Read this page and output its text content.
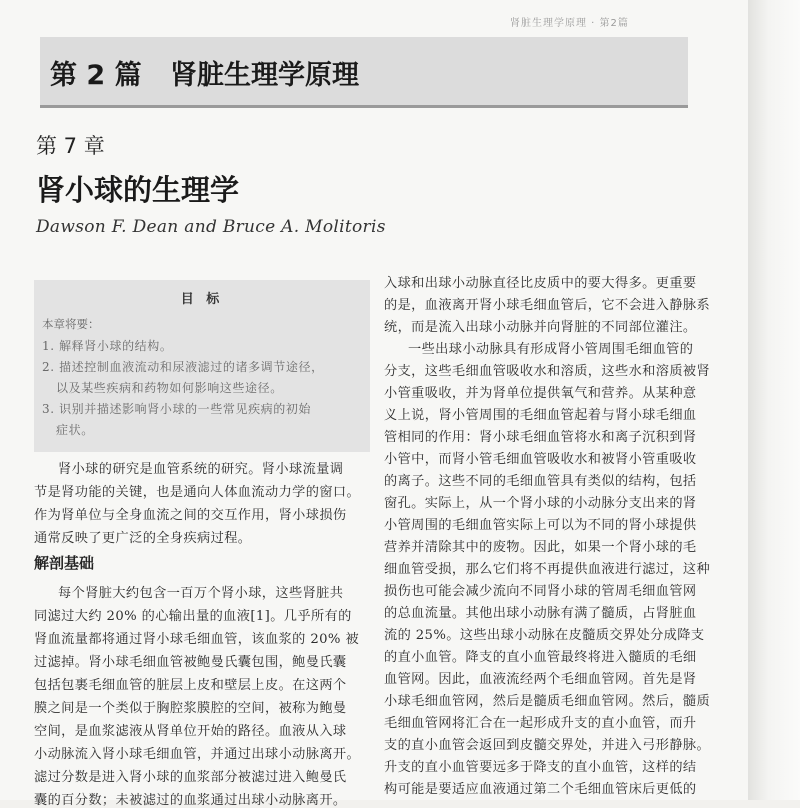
肾脏生理学原理 · 第2篇
第 2 篇 肾脏生理学原理
第 7 章
肾小球的生理学
Dawson F. Dean and Bruce A. Molitoris
目 标
本章将要：
1. 解释肾小球的结构。
2. 描述控制血液流动和尿液滤过的诸多调节途径，
以及某些疾病和药物如何影响这些途径。
3. 识别并描述影响肾小球的一些常见疾病的初始
症状。
肾小球的研究是血管系统的研究。肾小球流量调
节是肾功能的关键，也是通向人体血流动力学的窗口。
作为肾单位与全身血流之间的交互作用，肾小球损伤
通常反映了更广泛的全身疾病过程。
解剖基础
每个肾脏大约包含一百万个肾小球，这些肾脏共
同滤过大约 20% 的心输出量的血液[1]。几乎所有的
肾血流量都将通过肾小球毛细血管，该血浆的 20% 被
过滤掉。肾小球毛细血管被鲍曼氏囊包围，鲍曼氏囊
包括包裹毛细血管的脏层上皮和壁层上皮。在这两个
膜之间是一个类似于胸腔浆膜腔的空间，被称为鲍曼
空间，是血浆滤液从肾单位开始的路径。血液从入球
小动脉流入肾小球毛细血管，并通过出球小动脉离开。
滤过分数是进入肾小球的血浆部分被滤过进入鲍曼氏
囊的百分数；未被滤过的血浆通过出球小动脉离开。
入球和出球小动脉直径比皮质中的要大得多。更重要
的是，血液离开肾小球毛细血管后，它不会进入静脉系
统，而是流入出球小动脉并向肾脏的不同部位灌注。
一些出球小动脉具有形成肾小管周围毛细血管的
分支，这些毛细血管吸收水和溶质，这些水和溶质被肾
小管重吸收，并为肾单位提供氧气和营养。从某种意
义上说，肾小管周围的毛细血管起着与肾小球毛细血
管相同的作用：肾小球毛细血管将水和离子沉积到肾
小管中，而肾小管毛细血管吸收水和被肾小管重吸收
的离子。这些不同的毛细血管具有类似的结构，包括
窗孔。实际上，从一个肾小球的小动脉分支出来的肾
小管周围的毛细血管实际上可以为不同的肾小球提供
营养并清除其中的废物。因此，如果一个肾小球的毛
细血管受损，那么它们将不再提供血液进行滤过，这种
损伤也可能会减少流向不同肾小球的管周毛细血管网
的总血流量。其他出球小动脉有满了髓质，占肾脏血
流的 25%。这些出球小动脉在皮髓质交界处分成降支
的直小血管。降支的直小血管最终将进入髓质的毛细
血管网。因此，血液流经两个毛细血管网。首先是肾
小球毛细血管网，然后是髓质毛细血管网。然后，髓质
毛细血管网将汇合在一起形成升支的直小血管，而升
支的直小血管会返回到皮髓交界处，并进入弓形静脉。
升支的直小血管要远多于降支的直小血管，这样的结
构可能是要适应血液通过第二个毛细血管床后更低的
